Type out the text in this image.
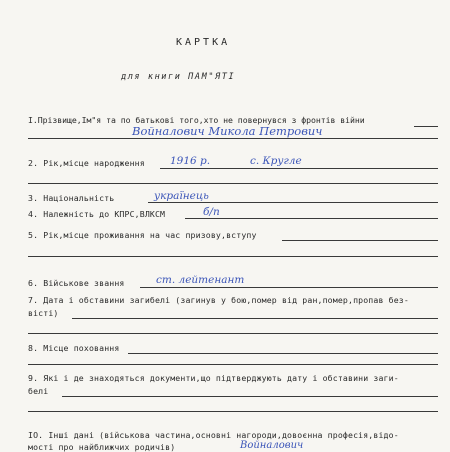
КАРТКА
для книги ПАМ"ЯТІ
I.Прізвище,Ім"я та по батькові того,хто не повернувся з фронтів війни
Войналович Микола Петрович
2. Рік,місце народження 1916 р.	с. Кругле
3. Національність	українець
4. Належність до КПРС,ВЛКСМ	б/п
5. Рік,місце проживання на час призову,вступу
6. Військове звання	ст. лейтенант
7. Дата і обставини загибелі (загинув у бою,помер від ран,помер,пропав без-
вісті)
8. Місце поховання
9. Які і де знаходяться документи,що підтверджують дату і обставини заги-
белі
IO. Інші дані (військова частина,основні нагороди,довоєнна професія,відо-
мості про найближчих родичів)	Войналович
